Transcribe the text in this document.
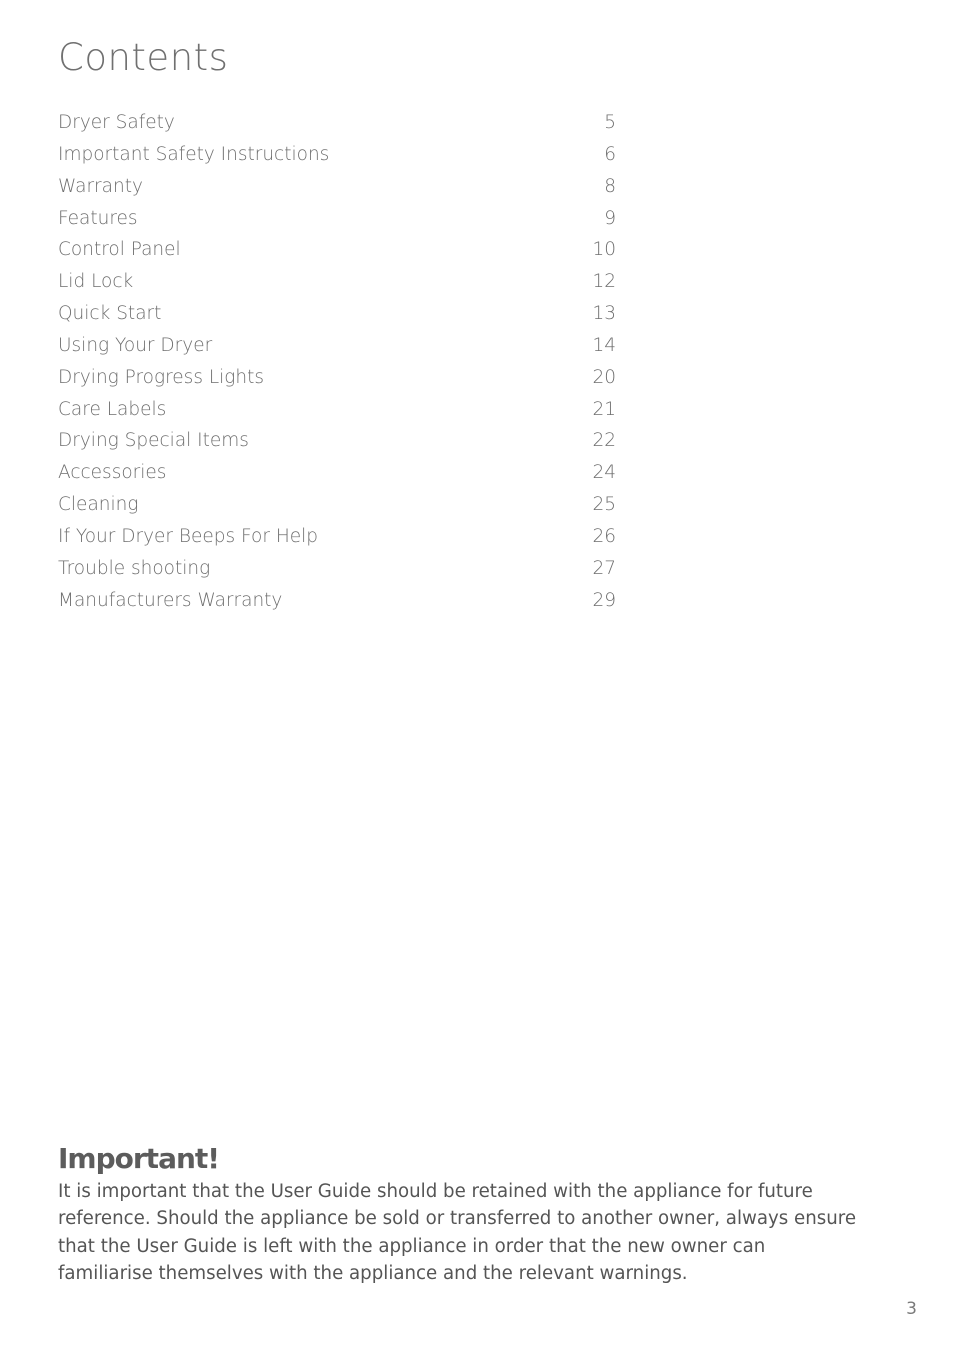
Contents
Dryer Safety	5
Important Safety Instructions	6
Warranty	8
Features	9
Control Panel	10
Lid Lock	12
Quick Start	13
Using Your Dryer	14
Drying Progress Lights	20
Care Labels	21
Drying Special Items	22
Accessories	24
Cleaning	25
If Your Dryer Beeps For Help	26
Trouble shooting	27
Manufacturers Warranty	29
Important!

It is important that the User Guide should be retained with the appliance for future reference. Should the appliance be sold or transferred to another owner, always ensure that the User Guide is left with the appliance in order that the new owner can familiarise themselves with the appliance and the relevant warnings.

3
